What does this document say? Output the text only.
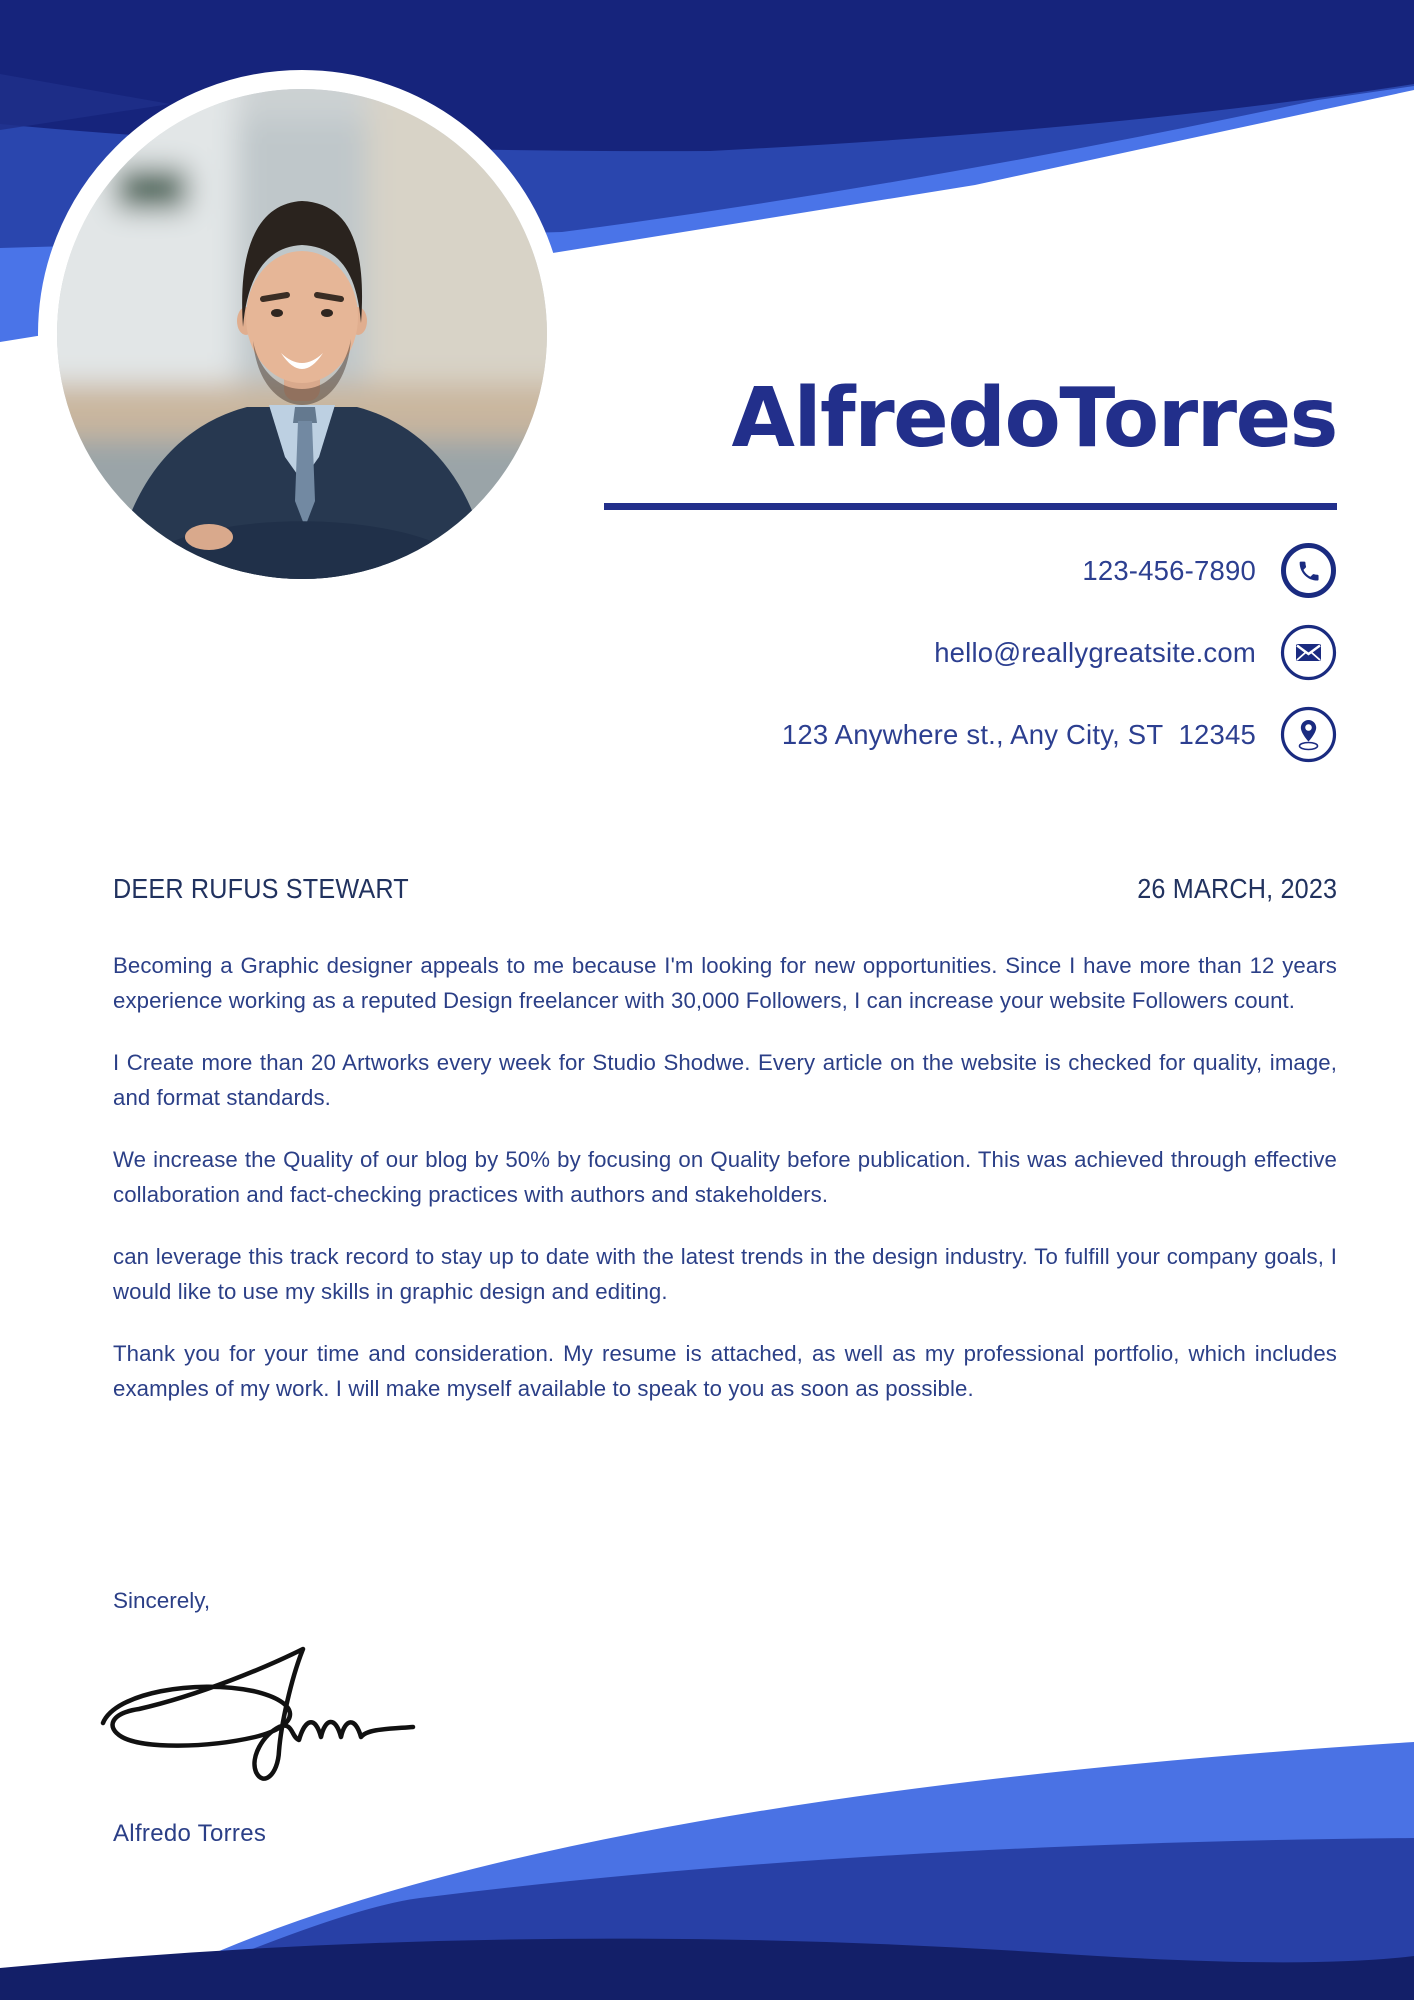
AlfredoTorres
123-456-7890
hello@reallygreatsite.com
123 Anywhere st., Any City, ST  12345
DEER RUFUS STEWART	26 MARCH, 2023

Becoming a Graphic designer appeals to me because I'm looking for new opportunities. Since I have more than 12 years experience working as a reputed Design freelancer with 30,000 Followers, I can increase your website Followers count.

I Create more than 20 Artworks every week for Studio Shodwe. Every article on the website is checked for quality, image, and format standards.

We increase the Quality of our blog by 50% by focusing on Quality before publication. This was achieved through effective collaboration and fact-checking practices with authors and stakeholders.

can leverage this track record to stay up to date with the latest trends in the design industry. To fulfill your company goals, I would like to use my skills in graphic design and editing.

Thank you for your time and consideration. My resume is attached, as well as my professional portfolio, which includes examples of my work. I will make myself available to speak to you as soon as possible.

Sincerely,
Alfredo Torres
